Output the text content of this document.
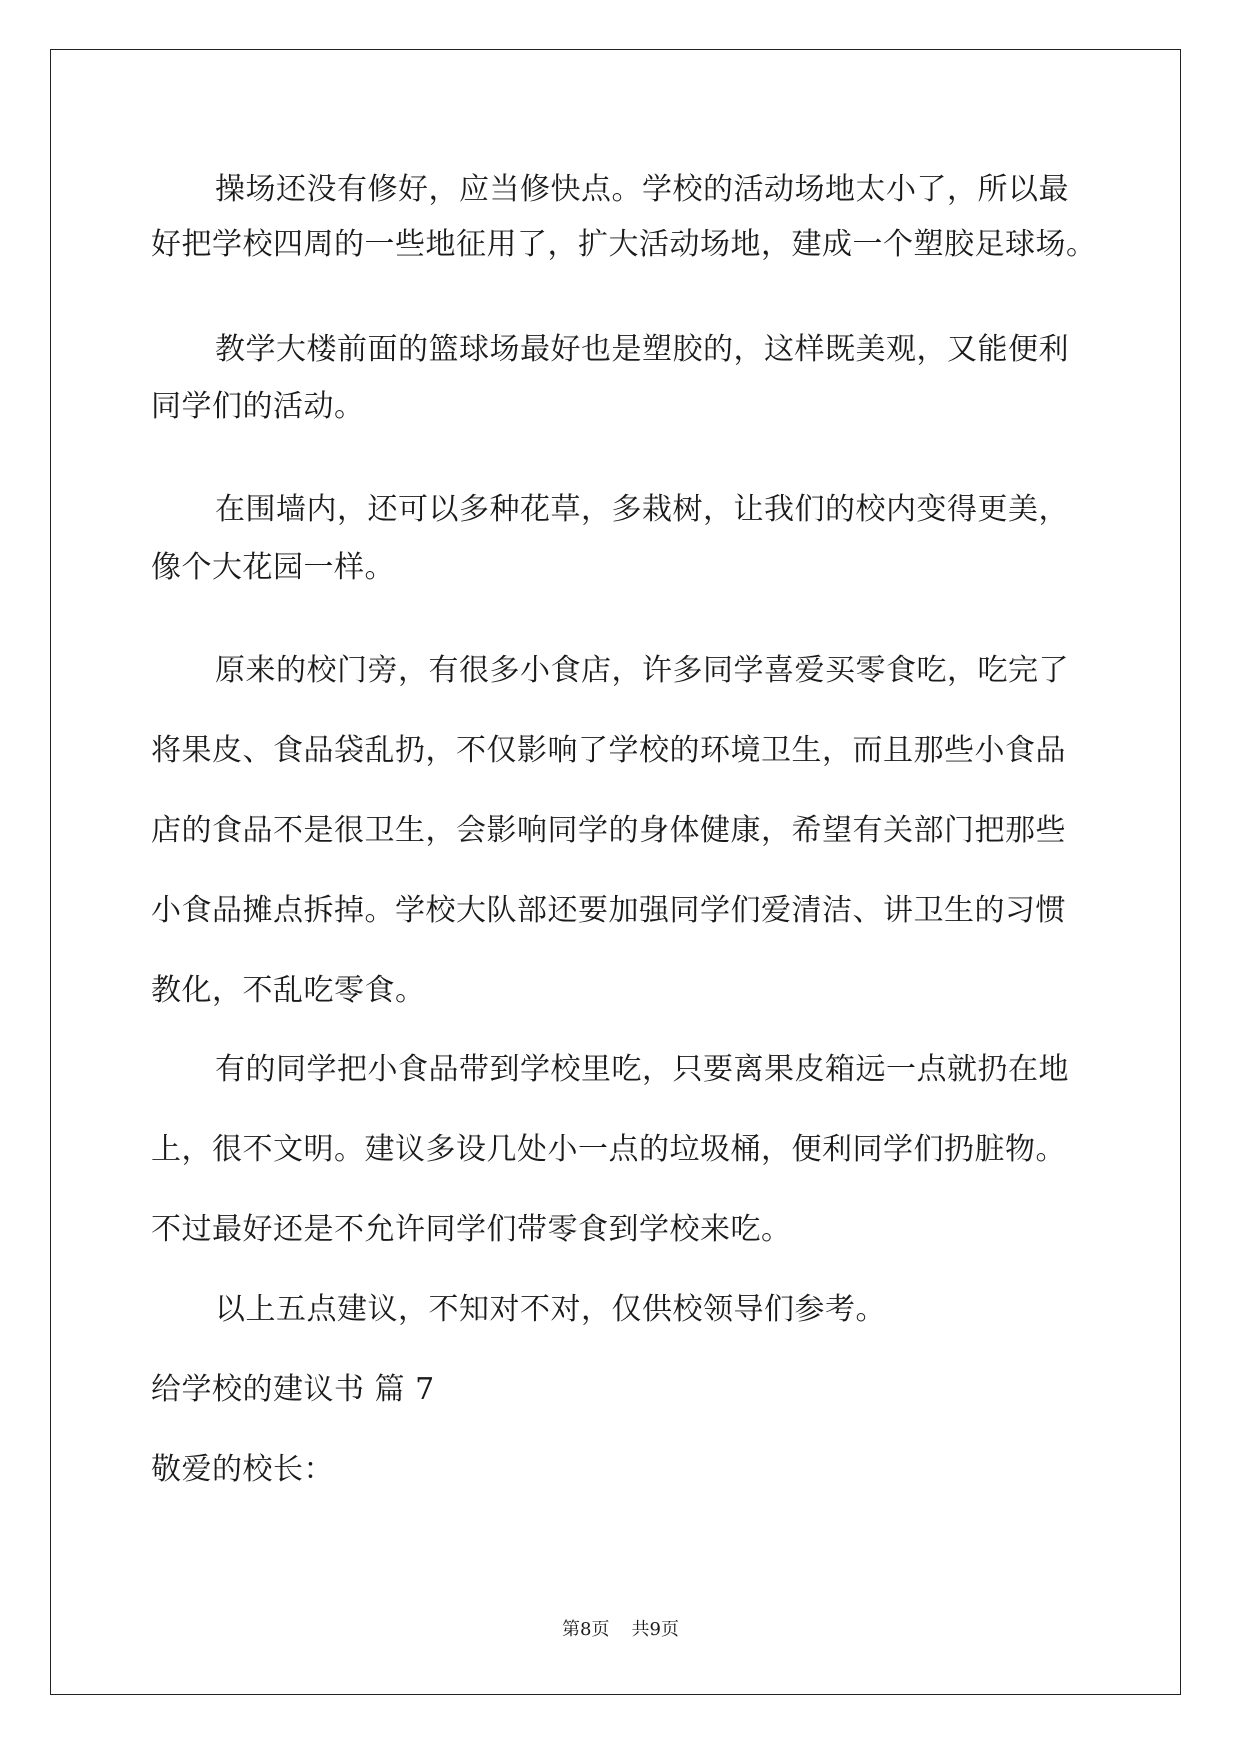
操场还没有修好，应当修快点。学校的活动场地太小了，所以最
好把学校四周的一些地征用了，扩大活动场地，建成一个塑胶足球场。
教学大楼前面的篮球场最好也是塑胶的，这样既美观，又能便利
同学们的活动。
在围墙内，还可以多种花草，多栽树，让我们的校内变得更美，
像个大花园一样。
原来的校门旁，有很多小食店，许多同学喜爱买零食吃，吃完了
将果皮、食品袋乱扔，不仅影响了学校的环境卫生，而且那些小食品
店的食品不是很卫生，会影响同学的身体健康，希望有关部门把那些
小食品摊点拆掉。学校大队部还要加强同学们爱清洁、讲卫生的习惯
教化，不乱吃零食。
有的同学把小食品带到学校里吃，只要离果皮箱远一点就扔在地
上，很不文明。建议多设几处小一点的垃圾桶，便利同学们扔脏物。
不过最好还是不允许同学们带零食到学校来吃。
以上五点建议，不知对不对，仅供校领导们参考。
给学校的建议书 篇 7
敬爱的校长：
第8页 共9页
